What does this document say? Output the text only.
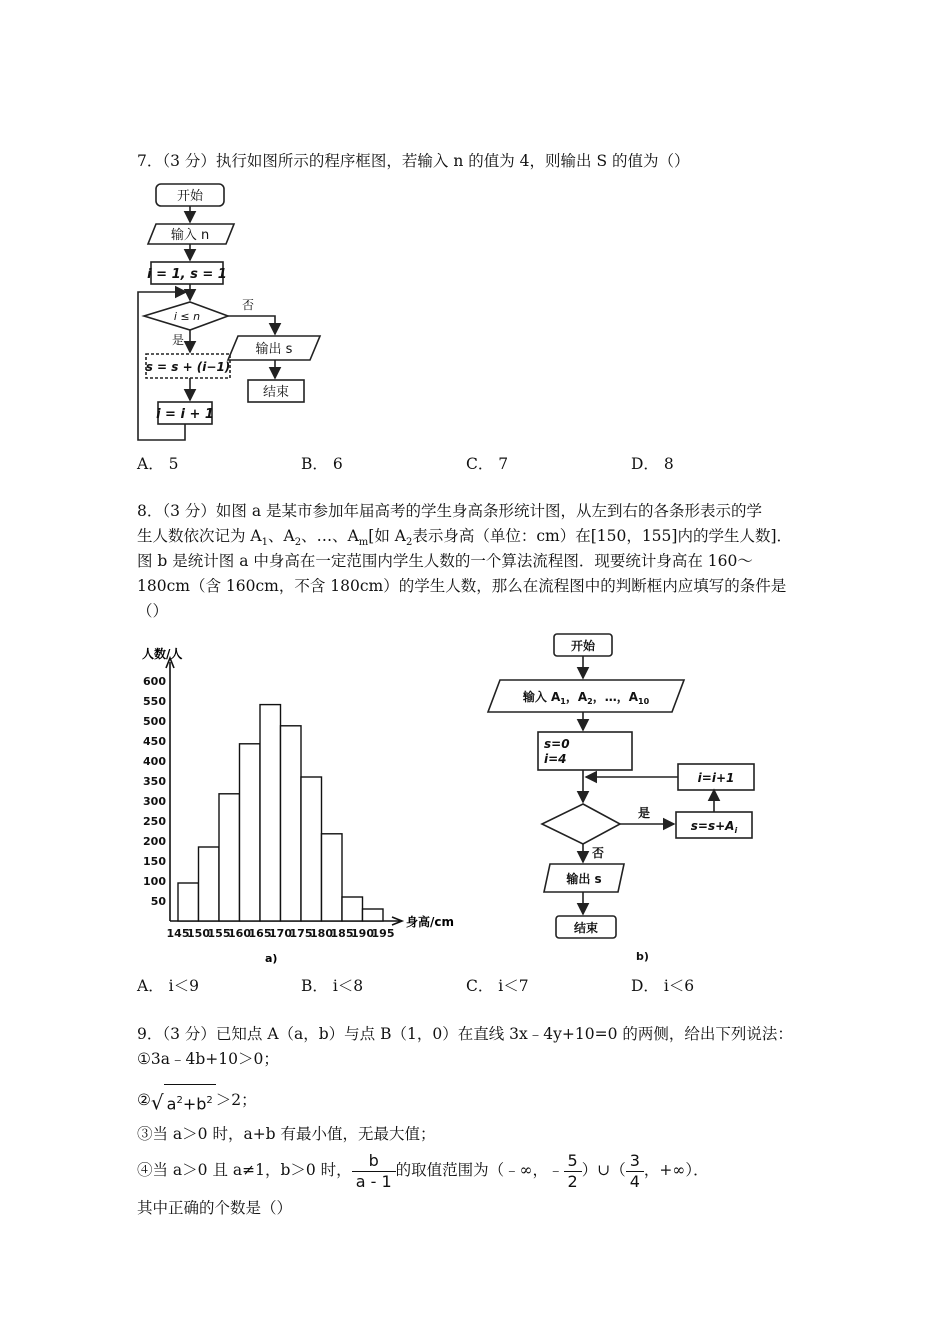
7．（3 分）执行如图所示的程序框图，若输入 n 的值为 4，则输出 S 的值为（）
开始
输入 n
i = 1, s = 1
i ≤ n
否
是
输出 s
结束
s = s + (i−1)
i = i + 1
A． 5	B． 6	C． 7	D． 8
8．（3 分）如图 a 是某市参加年届高考的学生身高条形统计图，从左到右的各条形表示的学
生人数依次记为 $A_1$、$A_2$、…、$A_m$[如 $A_2$表示身高（单位：cm）在[150，155]内的学生人数]．
图 b 是统计图 a 中身高在一定范围内学生人数的一个算法流程图．现要统计身高在 160～
180cm（含 160cm，不含 180cm）的学生人数，那么在流程图中的判断框内应填写的条件是
（）
50
100
150
200
250
300
350
400
450
500
550
600
145
150
155
160
165
170
175
180
185
190
195
人数/人
身高/cm
a)
开始
输入 $A_1$，$A_2$，…，$A_{10}$
s=0
i=4
i=i+1
是
$s=s+A_i$
否
输出 s
结束
b)
A． i＜9	B． i＜8	C． i＜7	D． i＜6
9．（3 分）已知点 A（a，b）与点 B（1，0）在直线 3x﹣4y+10=0 的两侧，给出下列说法：
①3a﹣4b+10＞0；
②√ $a^2+b^2 >2$；
③当 a＞0 时，a+b 有最小值，无最大值；
④当 a＞0 且 a≠1，b＞0 时， $\frac{b}{a - 1}$ 的取值范围为（﹣∞，﹣ $\frac{5}{2}$ ）∪（ $\frac{3}{4}$ ，+∞）．
其中正确的个数是（）
